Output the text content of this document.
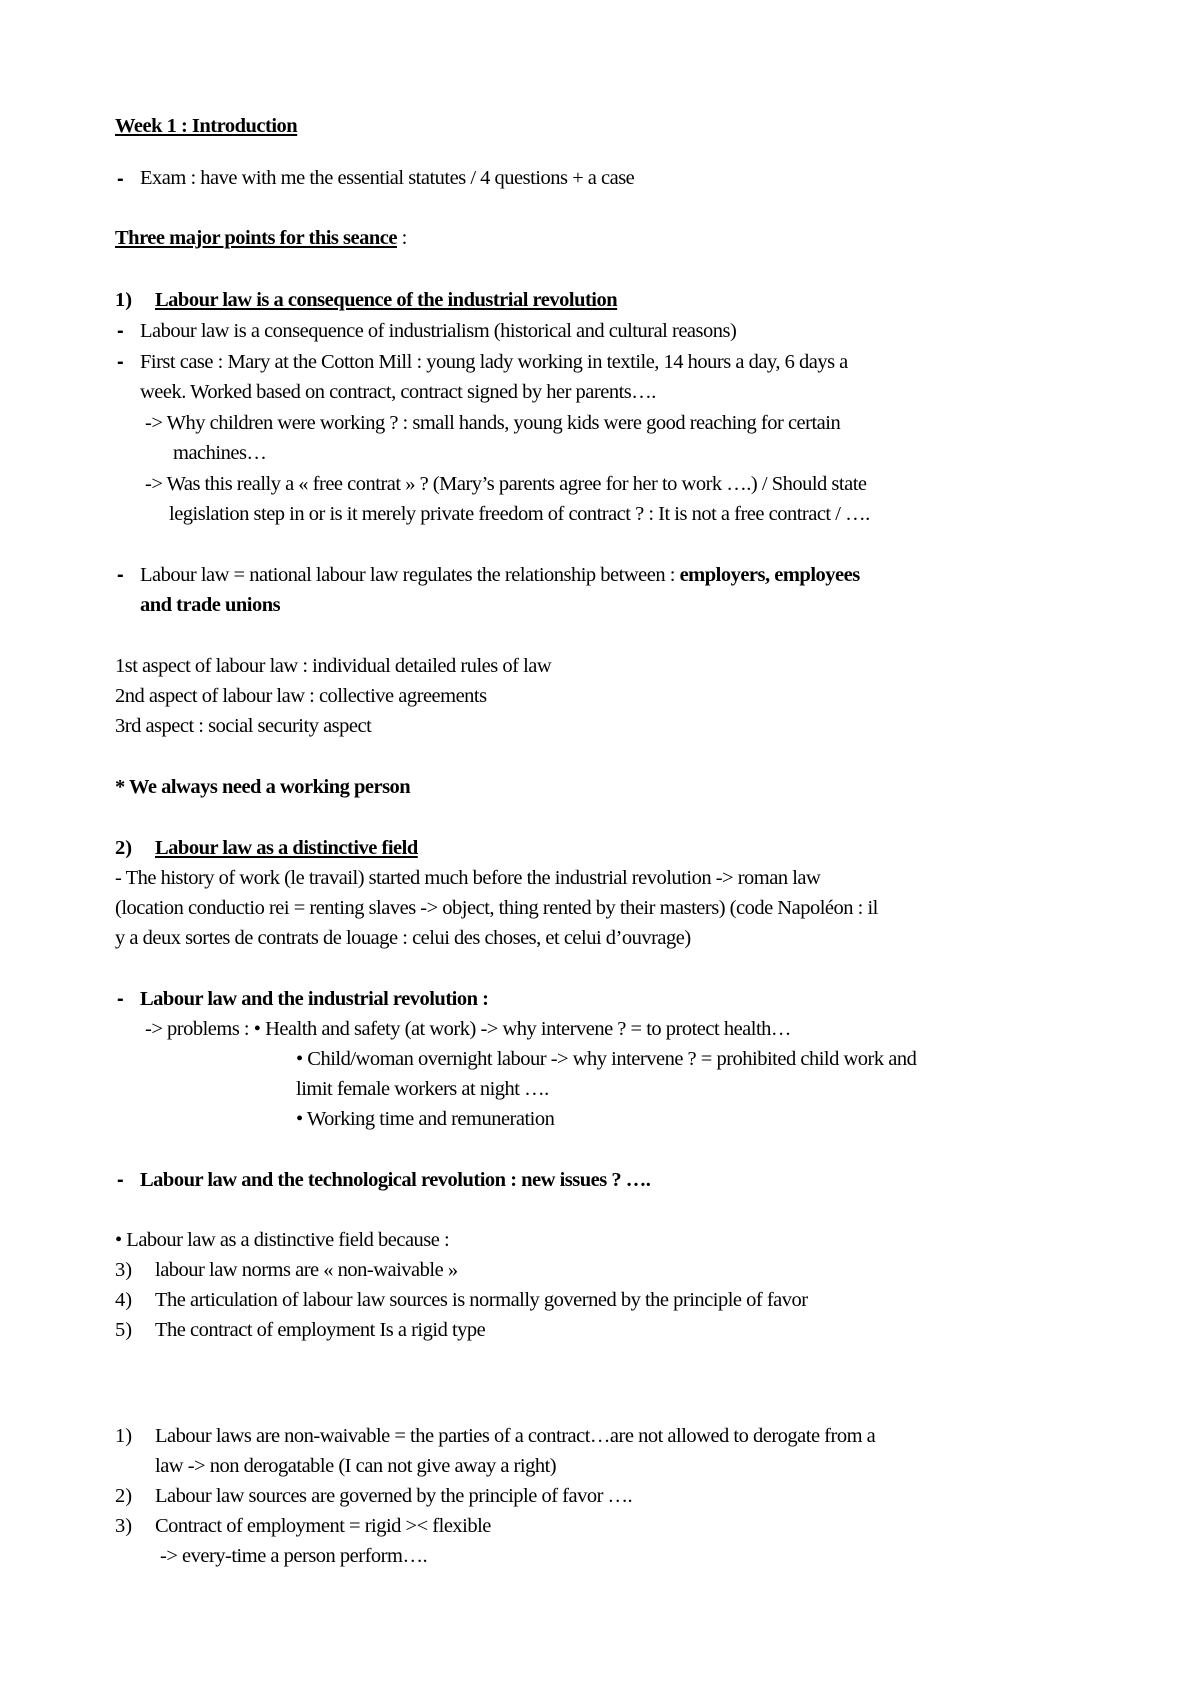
Week 1 : Introduction
- Exam : have with me the essential statutes / 4 questions + a case
Three major points for this seance :
1) Labour law is a consequence of the industrial revolution
- Labour law is a consequence of industrialism (historical and cultural reasons)
- First case : Mary at the Cotton Mill : young lady working in textile, 14 hours a day, 6 days a
week. Worked based on contract, contract signed by her parents….
-> Why children were working ? : small hands, young kids were good reaching for certain
machines…
-> Was this really a « free contrat » ? (Mary’s parents agree for her to work ….) / Should state
legislation step in or is it merely private freedom of contract ? : It is not a free contract / ….
- Labour law = national labour law regulates the relationship between : employers, employees
and trade unions
1st aspect of labour law : individual detailed rules of law
2nd aspect of labour law : collective agreements
3rd aspect : social security aspect
* We always need a working person
2) Labour law as a distinctive field
- The history of work (le travail) started much before the industrial revolution -> roman law
(location conductio rei = renting slaves -> object, thing rented by their masters) (code Napoléon : il
y a deux sortes de contrats de louage : celui des choses, et celui d’ouvrage)
- Labour law and the industrial revolution :
-> problems : • Health and safety (at work) -> why intervene ? = to protect health…
• Child/woman overnight labour -> why intervene ? = prohibited child work and
limit female workers at night ….
• Working time and remuneration
- Labour law and the technological revolution : new issues ? ….
• Labour law as a distinctive field because :
3) labour law norms are « non-waivable »
4) The articulation of labour law sources is normally governed by the principle of favor
5) The contract of employment Is a rigid type
1) Labour laws are non-waivable = the parties of a contract…are not allowed to derogate from a
law -> non derogatable (I can not give away a right)
2) Labour law sources are governed by the principle of favor ….
3) Contract of employment = rigid >< flexible
-> every-time a person perform….
